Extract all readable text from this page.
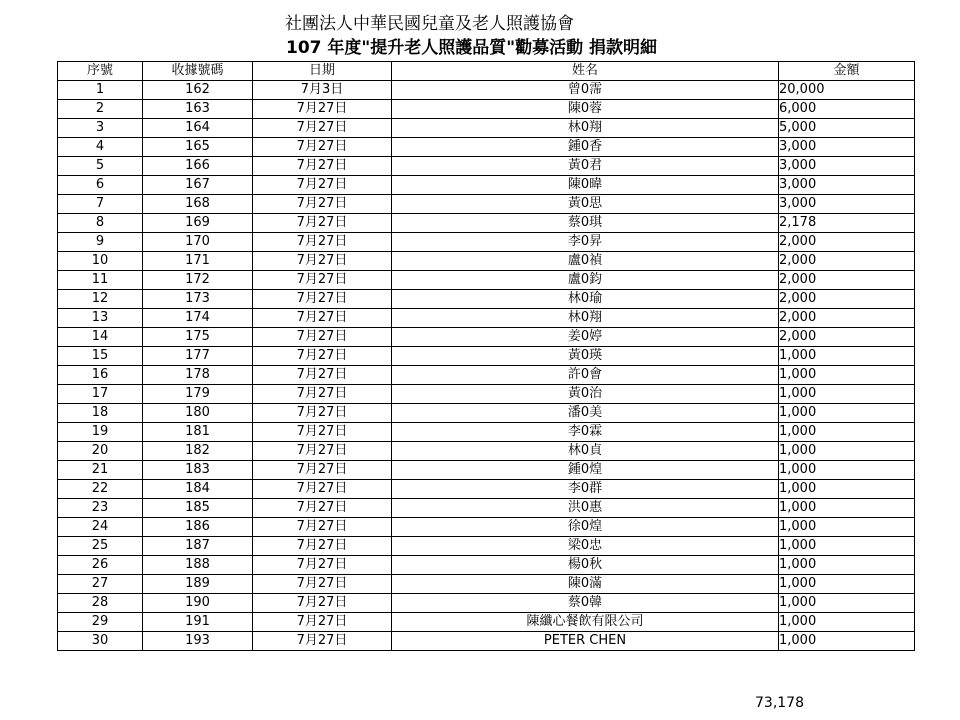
社團法人中華民國兒童及老人照護協會
107 年度"提升老人照護品質"勸募活動 捐款明細
序號	收據號碼	日期	姓名	金額
1	162	7月3日	曾0霈	20,000
2	163	7月27日	陳0蓉	6,000
3	164	7月27日	林0翔	5,000
4	165	7月27日	鍾0香	3,000
5	166	7月27日	黃0君	3,000
6	167	7月27日	陳0暐	3,000
7	168	7月27日	黃0思	3,000
8	169	7月27日	蔡0琪	2,178
9	170	7月27日	李0昇	2,000
10	171	7月27日	盧0禎	2,000
11	172	7月27日	盧0鈞	2,000
12	173	7月27日	林0瑜	2,000
13	174	7月27日	林0翔	2,000
14	175	7月27日	姜0婷	2,000
15	177	7月27日	黃0瑛	1,000
16	178	7月27日	許0會	1,000
17	179	7月27日	黃0治	1,000
18	180	7月27日	潘0美	1,000
19	181	7月27日	李0霖	1,000
20	182	7月27日	林0貞	1,000
21	183	7月27日	鍾0煌	1,000
22	184	7月27日	李0群	1,000
23	185	7月27日	洪0惠	1,000
24	186	7月27日	徐0煌	1,000
25	187	7月27日	梁0忠	1,000
26	188	7月27日	楊0秋	1,000
27	189	7月27日	陳0滿	1,000
28	190	7月27日	蔡0韓	1,000
29	191	7月27日	陳纖心餐飲有限公司	1,000
30	193	7月27日	PETER CHEN	1,000
73,178
